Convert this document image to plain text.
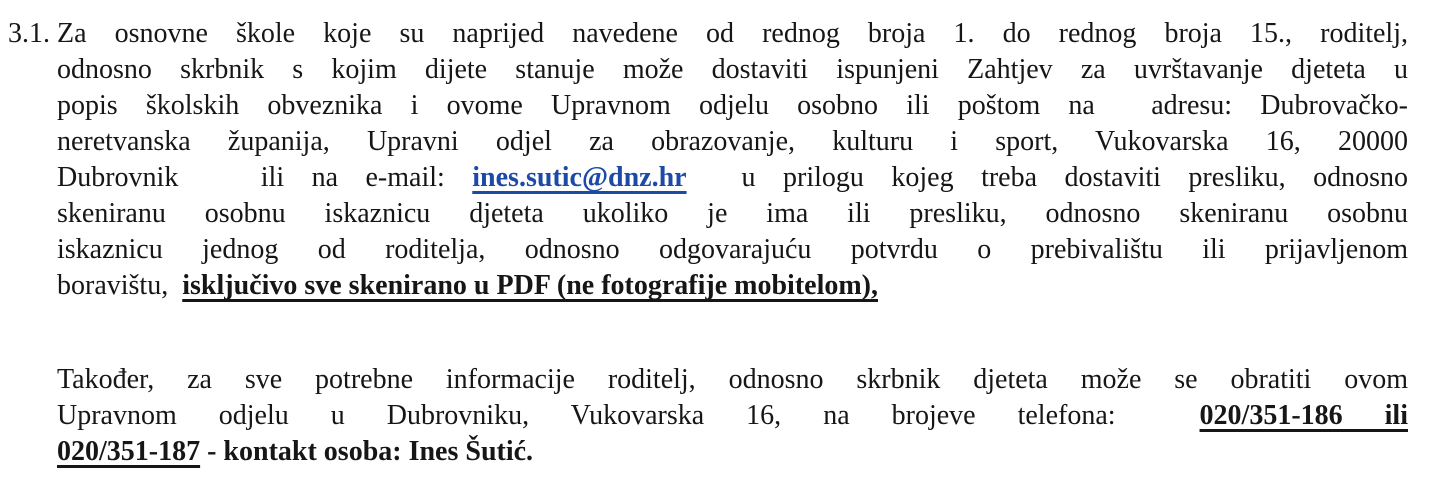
3.1. Za osnovne škole koje su naprijed navedene od rednog broja 1. do rednog broja 15., roditelj,
odnosno skrbnik s kojim dijete stanuje može dostaviti ispunjeni Zahtjev za uvrštavanje djeteta u
popis školskih obveznika i ovome Upravnom odjelu osobno ili poštom na  adresu: Dubrovačko-
neretvanska županija, Upravni odjel za obrazovanje, kulturu i sport, Vukovarska 16, 20000
Dubrovnik   ili na e-mail: ines.sutic@dnz.hr  u prilogu kojeg treba dostaviti presliku, odnosno
skeniranu osobnu iskaznicu djeteta ukoliko je ima ili presliku, odnosno skeniranu osobnu
iskaznicu jednog od roditelja, odnosno odgovarajuću potvrdu o prebivalištu ili prijavljenom
boravištu,  isključivo sve skenirano u PDF (ne fotografije mobitelom),
Također, za sve potrebne informacije roditelj, odnosno skrbnik djeteta može se obratiti ovom
Upravnom odjelu u Dubrovniku, Vukovarska 16, na brojeve telefona:  020/351-186 ili
020/351-187 - kontakt osoba: Ines Šutić.
